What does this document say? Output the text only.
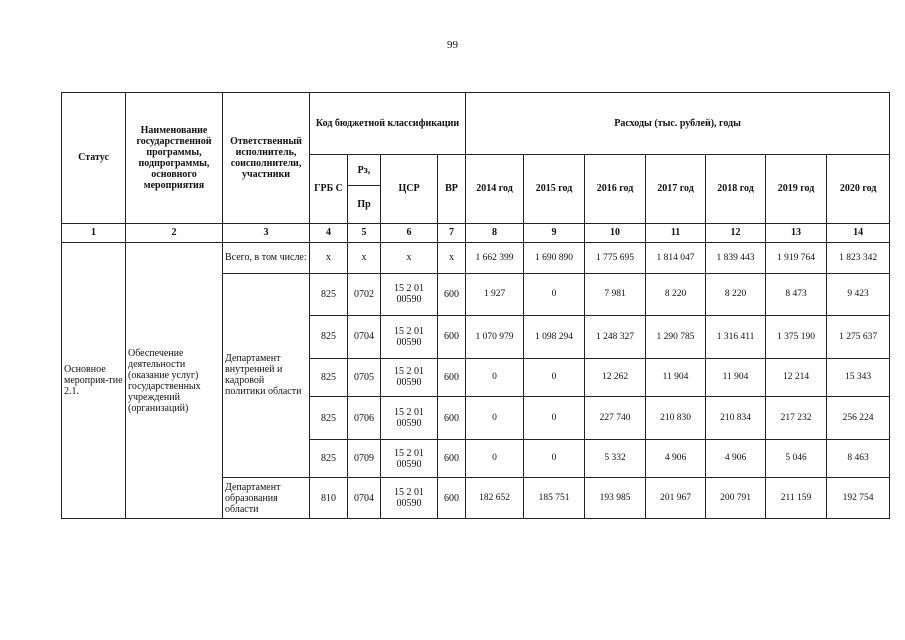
99
Статус	Наименование государственной программы, подпрограммы, основного мероприятия	Ответственный исполнитель, соисполнители, участники	Код бюджетной классификации				Расходы (тыс. рублей), годы						
			ГРБ С	Рз,	ЦСР	ВР	2014 год	2015 год	2016 год	2017 год	2018 год	2019 год	2020 год
				Пр									
1	2	3	4	5	6	7	8	9	10	11	12	13	14
Основное мероприя-тие 2.1.	Обеспечение деятельности (оказание услуг) государственных учреждений (организаций)	Всего, в том числе:	х	х	х	х	1 662 399	1 690 890	1 775 695	1 814 047	1 839 443	1 919 764	1 823 342
		Департамент внутренней и кадровой политики области	825	0702	15 2 01 00590	600	1 927	0	7 981	8 220	8 220	8 473	9 423
			825	0704	15 2 01 00590	600	1 070 979	1 098 294	1 248 327	1 290 785	1 316 411	1 375 190	1 275 637
			825	0705	15 2 01 00590	600	0	0	12 262	11 904	11 904	12 214	15 343
			825	0706	15 2 01 00590	600	0	0	227 740	210 830	210 834	217 232	256 224
			825	0709	15 2 01 00590	600	0	0	5 332	4 906	4 906	5 046	8 463
		Департамент образования области	810	0704	15 2 01 00590	600	182 652	185 751	193 985	201 967	200 791	211 159	192 754
